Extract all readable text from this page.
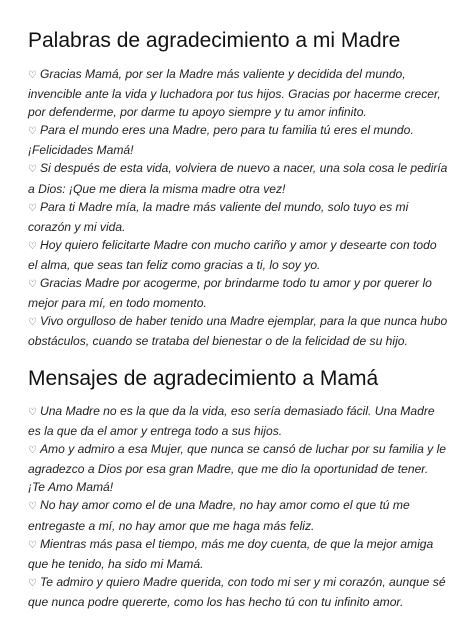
Palabras de agradecimiento a mi Madre

♡ Gracias Mamá, por ser la Madre más valiente y decidida del mundo, invencible ante la vida y luchadora por tus hijos. Gracias por hacerme crecer, por defenderme, por darme tu apoyo siempre y tu amor infinito.

♡ Para el mundo eres una Madre, pero para tu familia tú eres el mundo. ¡Felicidades Mamá!

♡ Si después de esta vida, volviera de nuevo a nacer, una sola cosa le pediría a Dios: ¡Que me diera la misma madre otra vez!

♡ Para ti Madre mía, la madre más valiente del mundo, solo tuyo es mi corazón y mi vida.

♡ Hoy quiero felicitarte Madre con mucho cariño y amor y desearte con todo el alma, que seas tan feliz como gracias a ti, lo soy yo.

♡ Gracias Madre por acogerme, por brindarme todo tu amor y por querer lo mejor para mí, en todo momento.

♡ Vivo orgulloso de haber tenido una Madre ejemplar, para la que nunca hubo obstáculos, cuando se trataba del bienestar o de la felicidad de su hijo.

Mensajes de agradecimiento a Mamá

♡ Una Madre no es la que da la vida, eso sería demasiado fácil. Una Madre es la que da el amor y entrega todo a sus hijos.

♡ Amo y admiro a esa Mujer, que nunca se cansó de luchar por su familia y le agradezco a Dios por esa gran Madre, que me dio la oportunidad de tener. ¡Te Amo Mamá!

♡ No hay amor como el de una Madre, no hay amor como el que tú me entregaste a mí, no hay amor que me haga más feliz.

♡ Mientras más pasa el tiempo, más me doy cuenta, de que la mejor amiga que he tenido, ha sido mi Mamá.

♡ Te admiro y quiero Madre querida, con todo mi ser y mi corazón, aunque sé que nunca podre quererte, como los has hecho tú con tu infinito amor.
